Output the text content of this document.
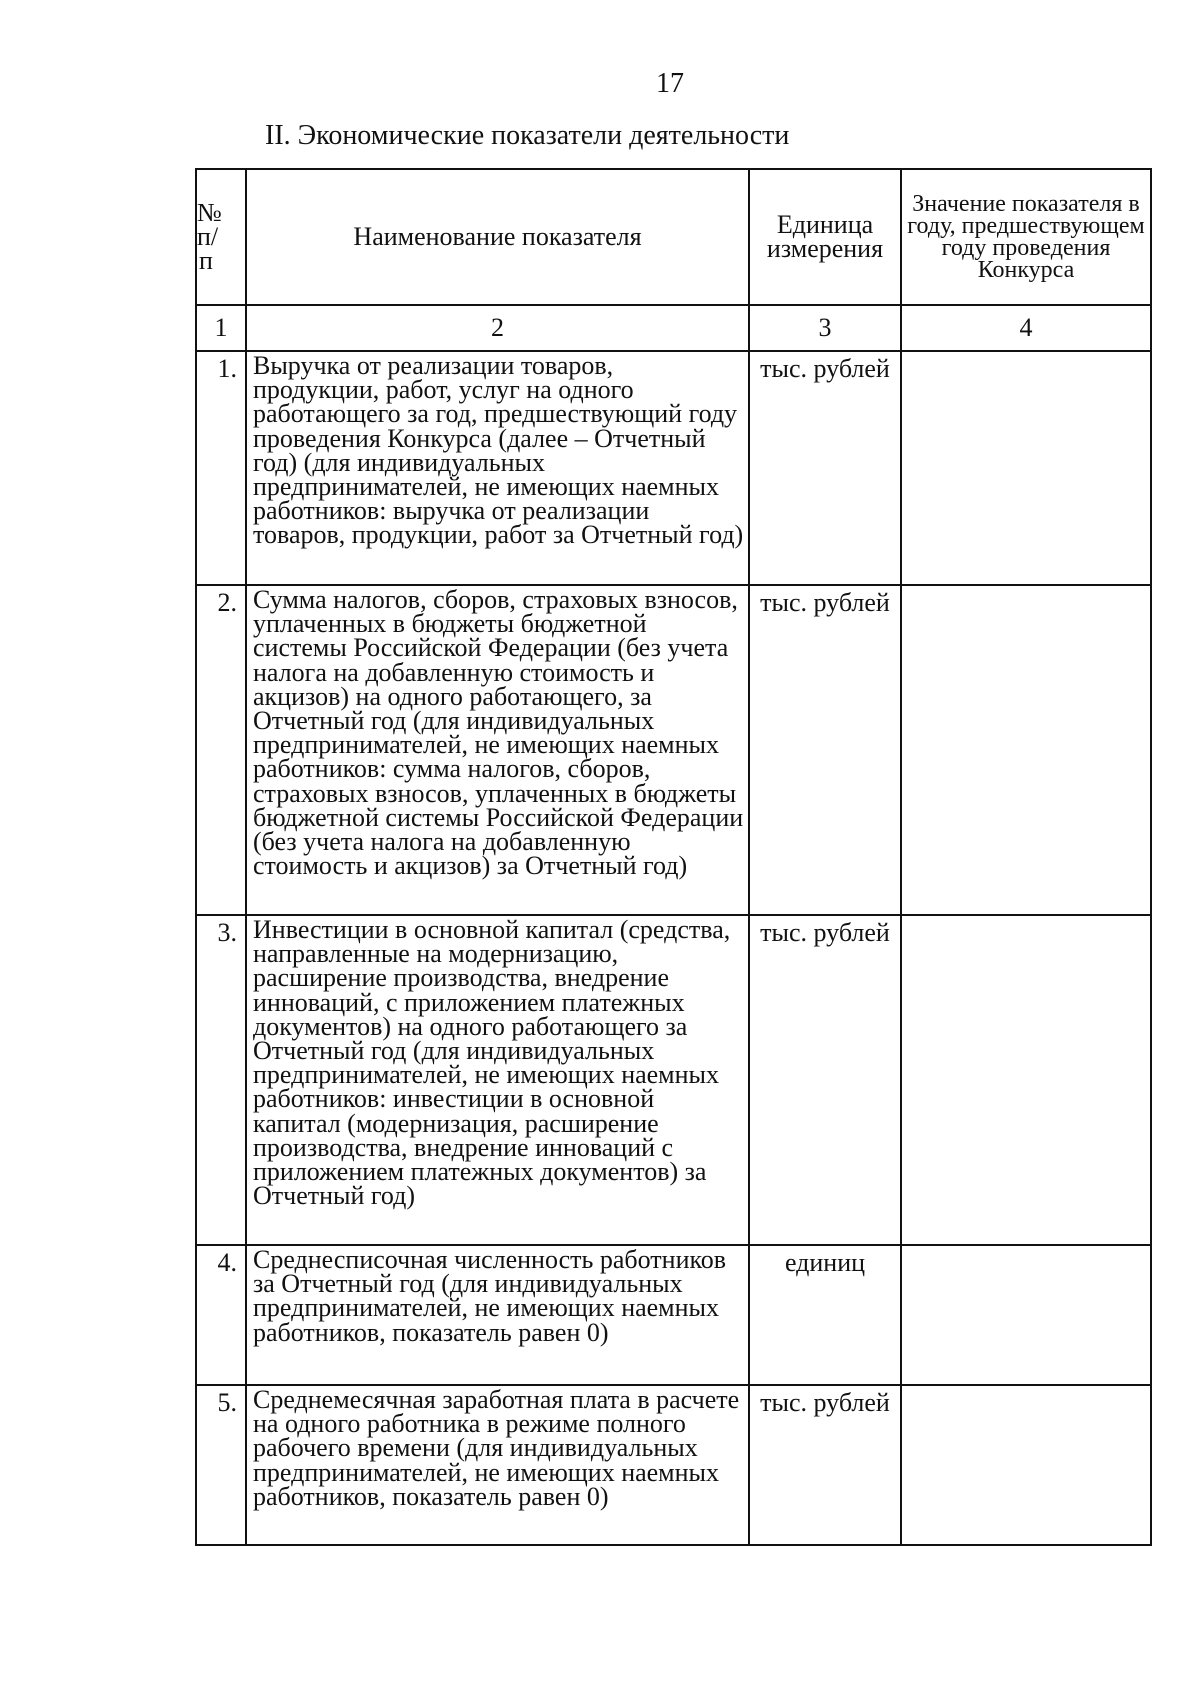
17
II. Экономические показатели деятельности
№ п/п	Наименование показателя	Единица измерения	Значение показателя в году, предшествующем году проведения Конкурса
1	2	3	4
1.	Выручка от реализации товаров, продукции, работ, услуг на одного работающего за год, предшествующий году проведения Конкурса (далее – Отчетный год) (для индивидуальных предпринимателей, не имеющих наемных работников: выручка от реализации товаров, продукции, работ за Отчетный год)	тыс. рублей	
2.	Сумма налогов, сборов, страховых взносов, уплаченных в бюджеты бюджетной системы Российской Федерации (без учета налога на добавленную стоимость и акцизов) на одного работающего, за Отчетный год (для индивидуальных предпринимателей, не имеющих наемных работников: сумма налогов, сборов, страховых взносов, уплаченных в бюджеты бюджетной системы Российской Федерации (без учета налога на добавленную стоимость и акцизов) за Отчетный год)	тыс. рублей	
3.	Инвестиции в основной капитал (средства, направленные на модернизацию, расширение производства, внедрение инноваций, с приложением платежных документов) на одного работающего за Отчетный год (для индивидуальных предпринимателей, не имеющих наемных работников: инвестиции в основной капитал (модернизация, расширение производства, внедрение инноваций с приложением платежных документов) за Отчетный год)	тыс. рублей	
4.	Среднесписочная численность работников за Отчетный год (для индивидуальных предпринимателей, не имеющих наемных работников, показатель равен 0)	единиц	
5.	Среднемесячная заработная плата в расчете на одного работника в режиме полного рабочего времени (для индивидуальных предпринимателей, не имеющих наемных работников, показатель равен 0)	тыс. рублей	
